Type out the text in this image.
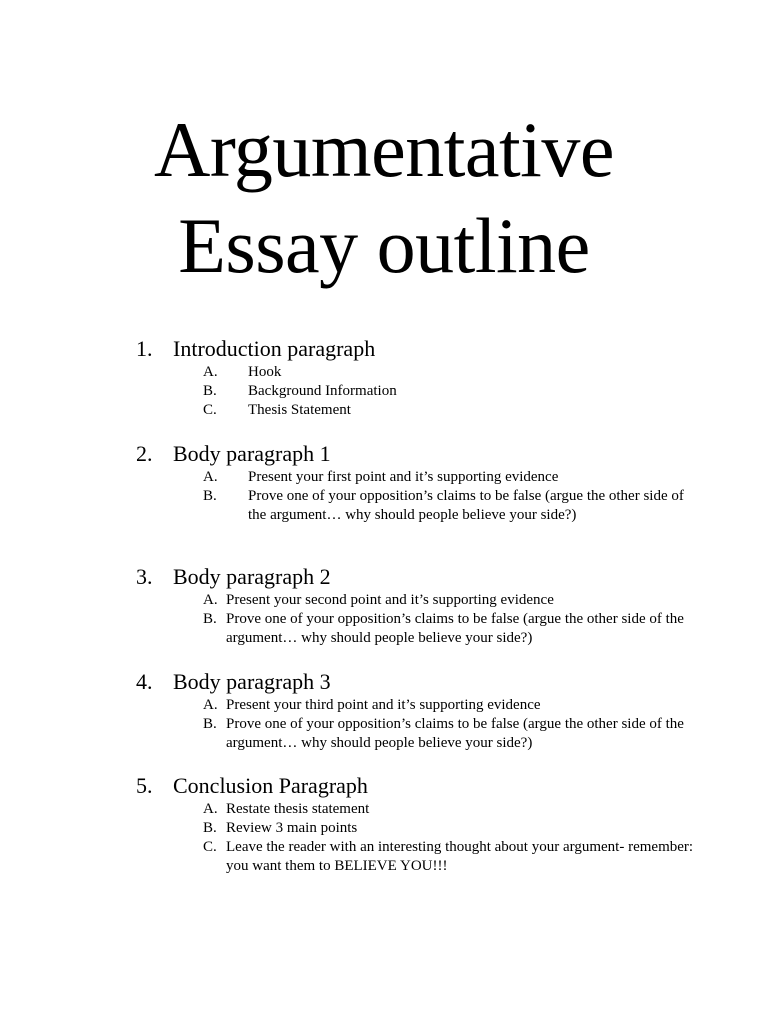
Argumentative
Essay outline
1. Introduction paragraph
A. Hook
B. Background Information
C. Thesis Statement
2. Body paragraph 1
A. Present your first point and it’s supporting evidence
B. Prove one of your opposition’s claims to be false (argue the other side of the argument… why should people believe your side?)
3. Body paragraph 2
A. Present your second point and it’s supporting evidence
B. Prove one of your opposition’s claims to be false (argue the other side of the argument… why should people believe your side?)
4. Body paragraph 3
A. Present your third point and it’s supporting evidence
B. Prove one of your opposition’s claims to be false (argue the other side of the argument… why should people believe your side?)
5. Conclusion Paragraph
A. Restate thesis statement
B. Review 3 main points
C. Leave the reader with an interesting thought about your argument- remember: you want them to BELIEVE YOU!!!
